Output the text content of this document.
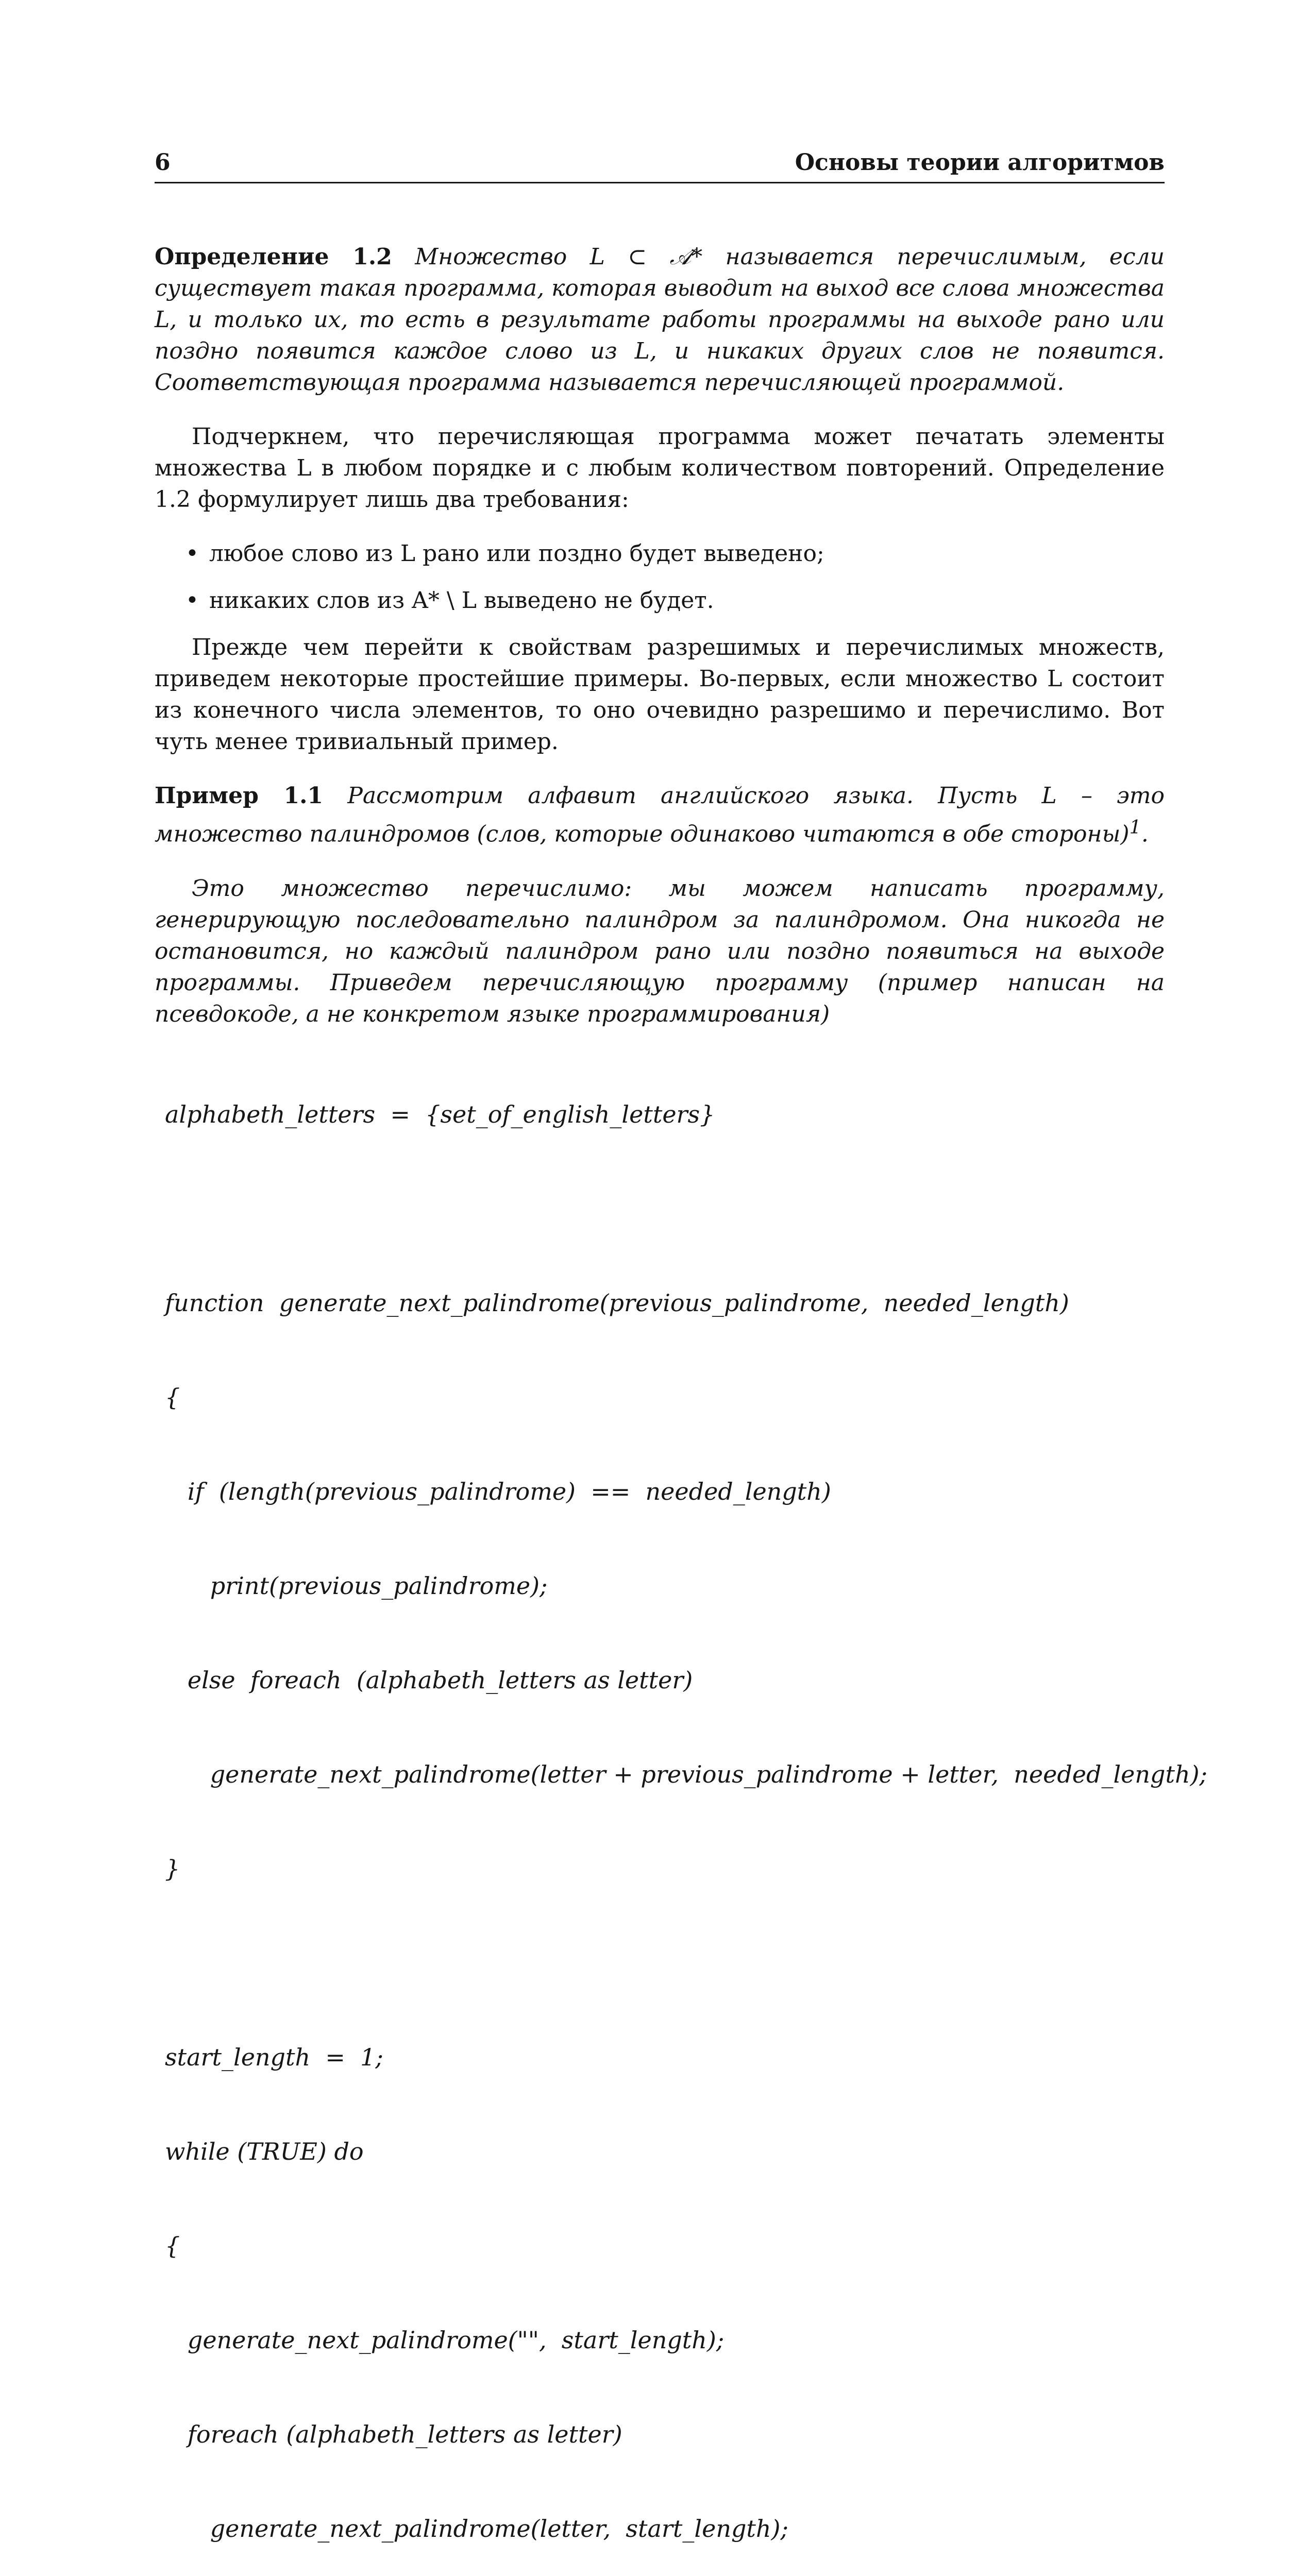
6	Основы теории алгоритмов

Определение 1.2 Множество L ⊂ 𝒜* называется перечислимым, если существует такая программа, которая выводит на выход все слова множества L, и только их, то есть в результате работы программы на выходе рано или поздно появится каждое слово из L, и никаких других слов не появится. Соответствующая программа называется перечисляющей программой.

Подчеркнем, что перечисляющая программа может печатать элементы множества L в любом порядке и с любым количеством повторений. Определение 1.2 формулирует лишь два требования:

• любое слово из L рано или поздно будет выведено;
• никаких слов из A* \ L выведено не будет.

Прежде чем перейти к свойствам разрешимых и перечислимых множеств, приведем некоторые простейшие примеры. Во-первых, если множество L состоит из конечного числа элементов, то оно очевидно разрешимо и перечислимо. Вот чуть менее тривиальный пример.

Пример 1.1 Рассмотрим алфавит английского языка. Пусть L – это множество палиндромов (слов, которые одинаково читаются в обе стороны)$^1$.

Это множество перечислимо: мы можем написать программу, генерирующую последовательно палиндром за палиндромом. Она никогда не остановится, но каждый палиндром рано или поздно появиться на выходе программы. Приведем перечисляющую программу (пример написан на псевдокоде, а не конкретом языке программирования)

alphabeth_letters  =  {set_of_english_letters}

function  generate_next_palindrome(previous_palindrome,  needed_length)

{

if  (length(previous_palindrome)  ==  needed_length)

print(previous_palindrome);

else  foreach  (alphabeth_letters as letter)

generate_next_palindrome(letter + previous_palindrome + letter,  needed_length);

}

start_length  =  1;

while (TRUE) do

{

generate_next_palindrome("",  start_length);

foreach (alphabeth_letters as letter)

generate_next_palindrome(letter,  start_length);
